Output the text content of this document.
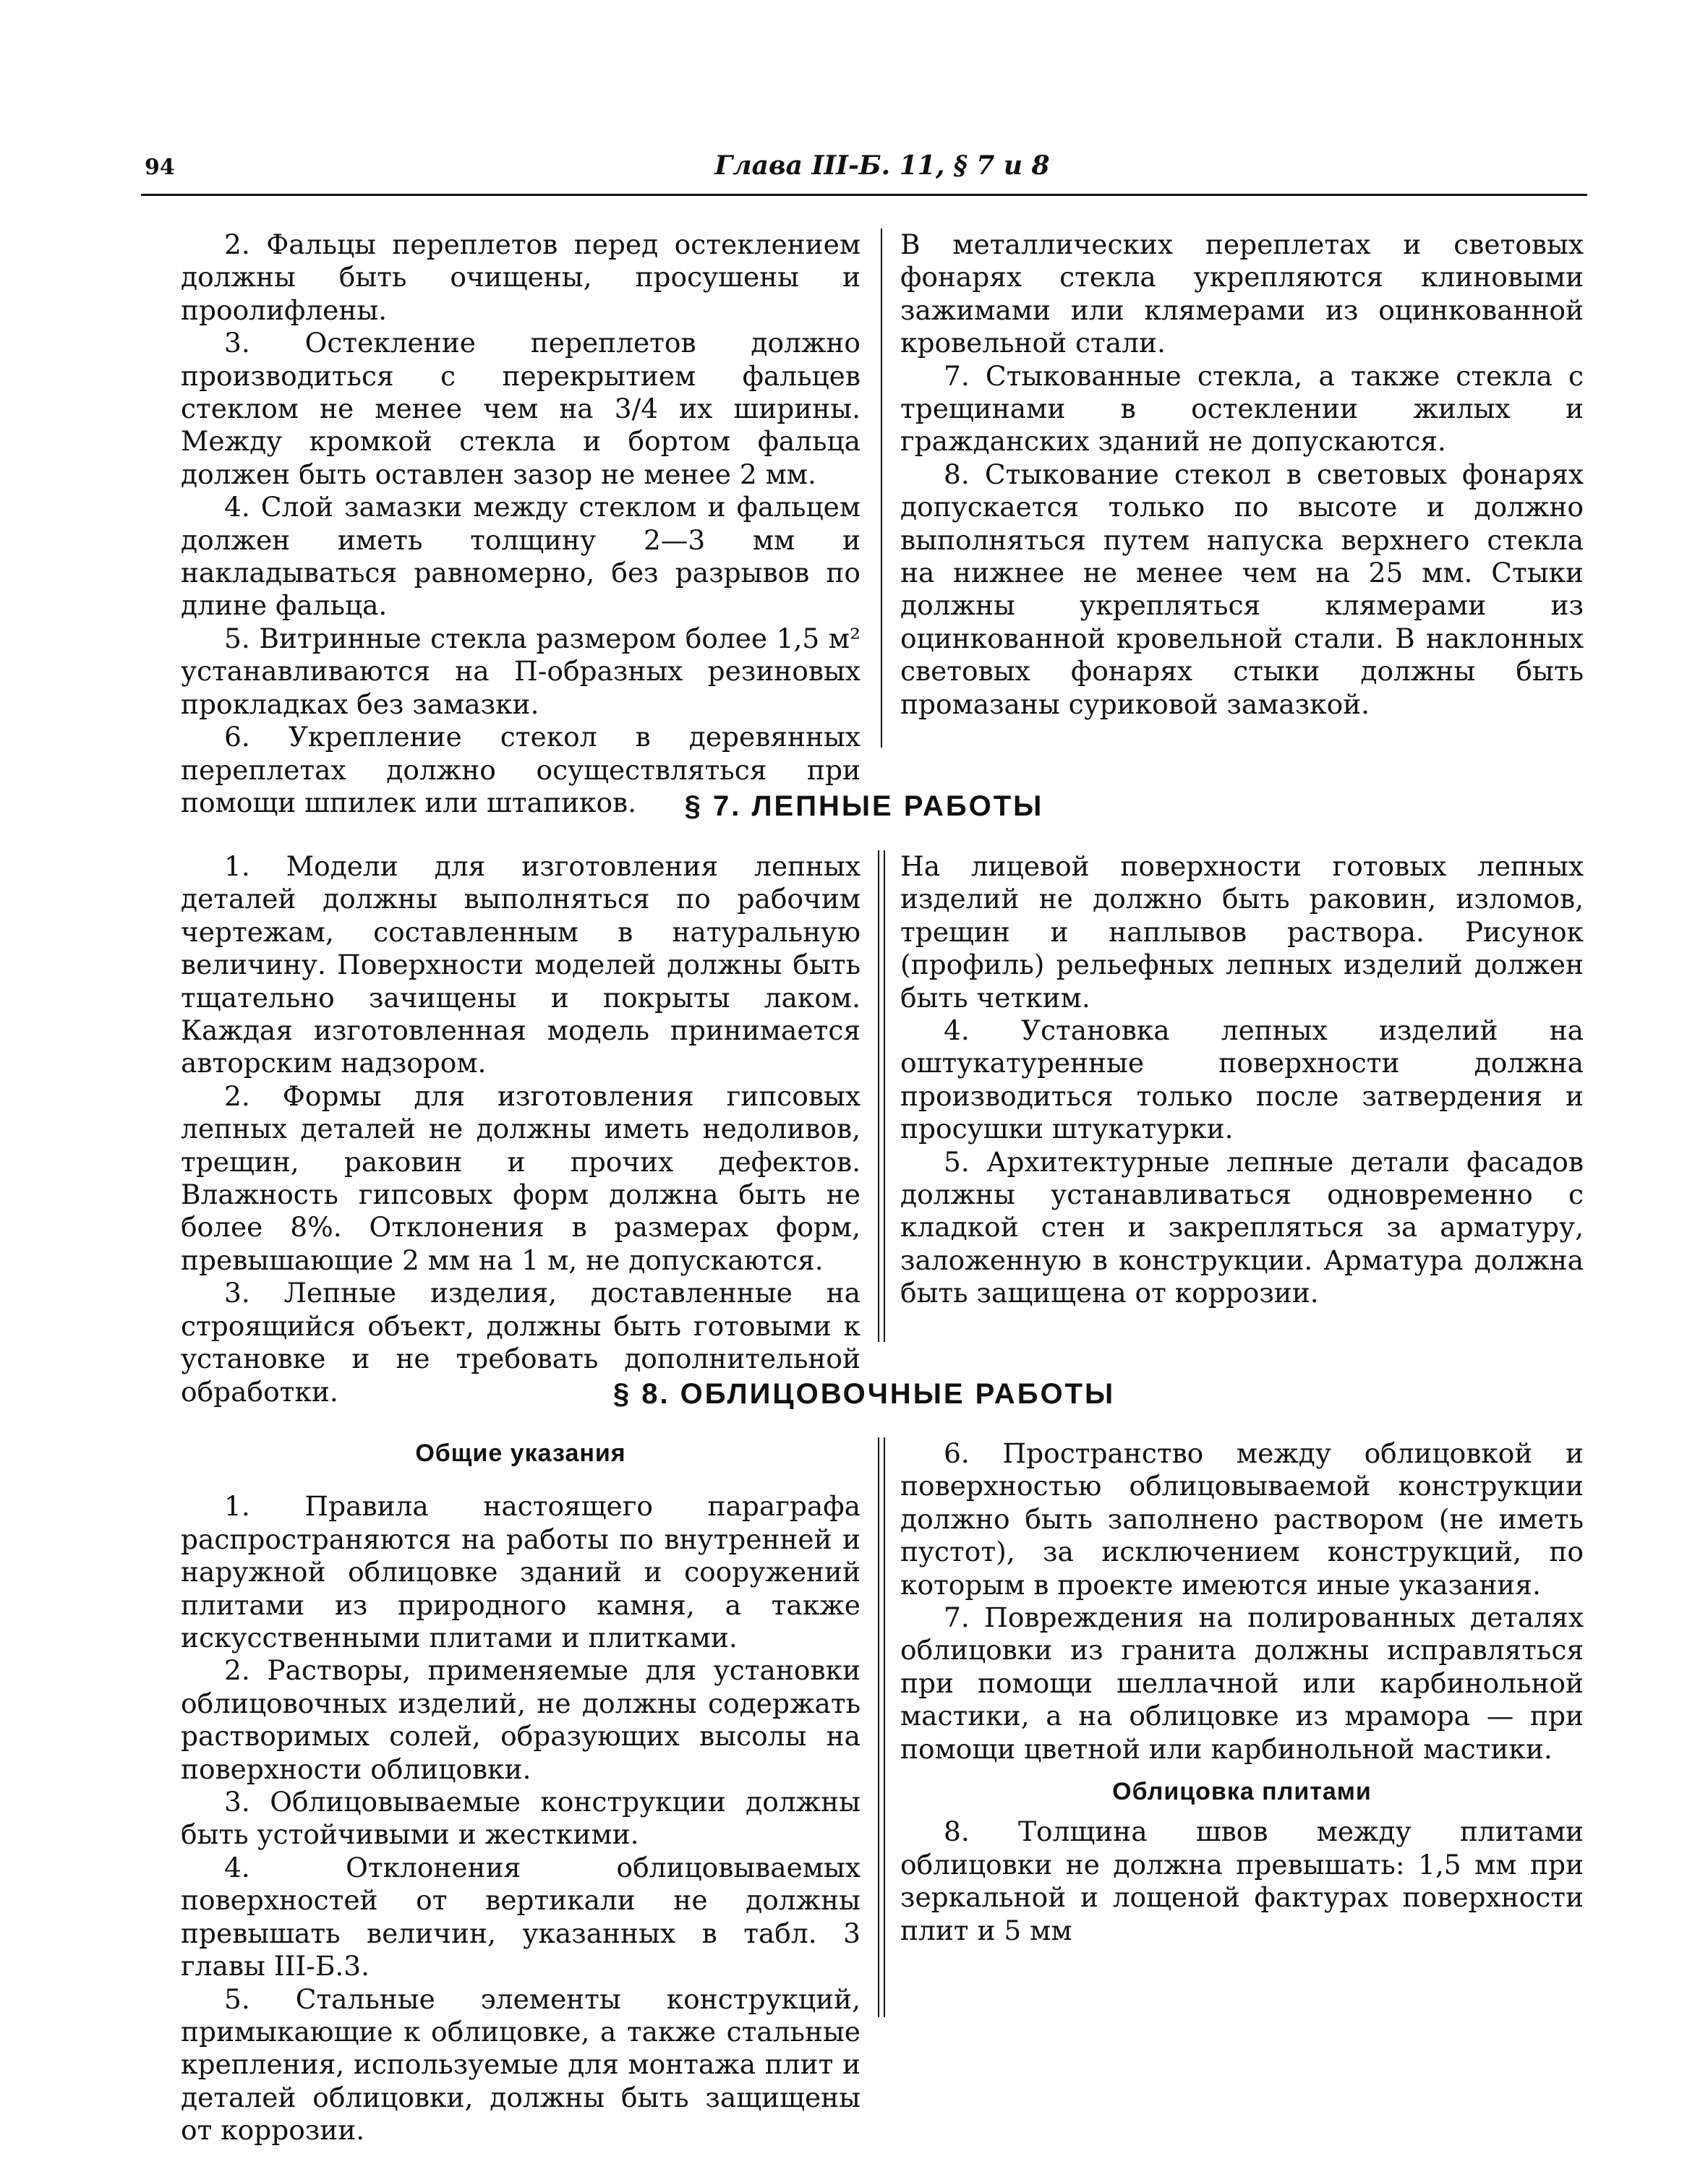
94	Глава III-Б. 11, § 7 и 8

2. Фальцы переплетов перед остеклением должны быть очищены, просушены и проолифлены.

3. Остекление переплетов должно производиться с перекрытием фальцев стеклом не менее чем на 3/4 их ширины. Между кромкой стекла и бортом фальца должен быть оставлен зазор не менее 2 мм.

4. Слой замазки между стеклом и фальцем должен иметь толщину 2—3 мм и накладываться равномерно, без разрывов по длине фальца.

5. Витринные стекла размером более 1,5 м² устанавливаются на П-образных резиновых прокладках без замазки.

6. Укрепление стекол в деревянных переплетах должно осуществляться при помощи шпилек или штапиков.

В металлических переплетах и световых фонарях стекла укрепляются клиновыми зажимами или клямерами из оцинкованной кровельной стали.

7. Стыкованные стекла, а также стекла с трещинами в остеклении жилых и гражданских зданий не допускаются.

8. Стыкование стекол в световых фонарях допускается только по высоте и должно выполняться путем напуска верхнего стекла на нижнее не менее чем на 25 мм. Стыки должны укрепляться клямерами из оцинкованной кровельной стали. В наклонных световых фонарях стыки должны быть промазаны суриковой замазкой.

§ 7. ЛЕПНЫЕ РАБОТЫ

1. Модели для изготовления лепных деталей должны выполняться по рабочим чертежам, составленным в натуральную величину. Поверхности моделей должны быть тщательно зачищены и покрыты лаком. Каждая изготовленная модель принимается авторским надзором.

2. Формы для изготовления гипсовых лепных деталей не должны иметь недоливов, трещин, раковин и прочих дефектов. Влажность гипсовых форм должна быть не более 8%. Отклонения в размерах форм, превышающие 2 мм на 1 м, не допускаются.

3. Лепные изделия, доставленные на строящийся объект, должны быть готовыми к установке и не требовать дополнительной обработки.

На лицевой поверхности готовых лепных изделий не должно быть раковин, изломов, трещин и наплывов раствора. Рисунок (профиль) рельефных лепных изделий должен быть четким.

4. Установка лепных изделий на оштукатуренные поверхности должна производиться только после затвердения и просушки штукатурки.

5. Архитектурные лепные детали фасадов должны устанавливаться одновременно с кладкой стен и закрепляться за арматуру, заложенную в конструкции. Арматура должна быть защищена от коррозии.

§ 8. ОБЛИЦОВОЧНЫЕ РАБОТЫ

Общие указания

1. Правила настоящего параграфа распространяются на работы по внутренней и наружной облицовке зданий и сооружений плитами из природного камня, а также искусственными плитами и плитками.

2. Растворы, применяемые для установки облицовочных изделий, не должны содержать растворимых солей, образующих высолы на поверхности облицовки.

3. Облицовываемые конструкции должны быть устойчивыми и жесткими.

4. Отклонения облицовываемых поверхностей от вертикали не должны превышать величин, указанных в табл. 3 главы III-Б.3.

5. Стальные элементы конструкций, примыкающие к облицовке, а также стальные крепления, используемые для монтажа плит и деталей облицовки, должны быть защищены от коррозии.

6. Пространство между облицовкой и поверхностью облицовываемой конструкции должно быть заполнено раствором (не иметь пустот), за исключением конструкций, по которым в проекте имеются иные указания.

7. Повреждения на полированных деталях облицовки из гранита должны исправляться при помощи шеллачной или карбинольной мастики, а на облицовке из мрамора — при помощи цветной или карбинольной мастики.

Облицовка плитами

8. Толщина швов между плитами облицовки не должна превышать: 1,5 мм при зеркальной и лощеной фактурах поверхности плит и 5 мм
